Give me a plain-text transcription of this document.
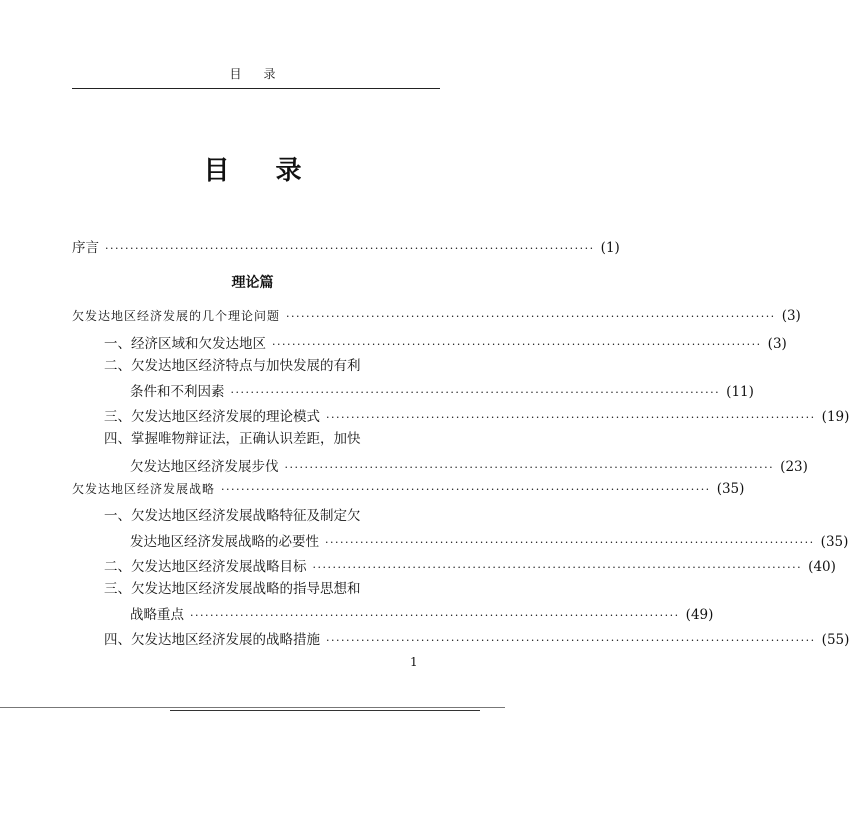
目录
目录
序言 ·································································································· (1)
理论篇
欠发达地区经济发展的几个理论问题 ·································································································· (3)
一、经济区域和欠发达地区 ·································································································· (3)
二、欠发达地区经济特点与加快发展的有利
条件和不利因素 ·································································································· (11)
三、欠发达地区经济发展的理论模式 ·································································································· (19)
四、掌握唯物辩证法，正确认识差距，加快
欠发达地区经济发展步伐 ·································································································· (23)
欠发达地区经济发展战略 ·································································································· (35)
一、欠发达地区经济发展战略特征及制定欠
发达地区经济发展战略的必要性 ·································································································· (35)
二、欠发达地区经济发展战略目标 ·································································································· (40)
三、欠发达地区经济发展战略的指导思想和
战略重点 ·································································································· (49)
四、欠发达地区经济发展的战略措施 ·································································································· (55)
1
